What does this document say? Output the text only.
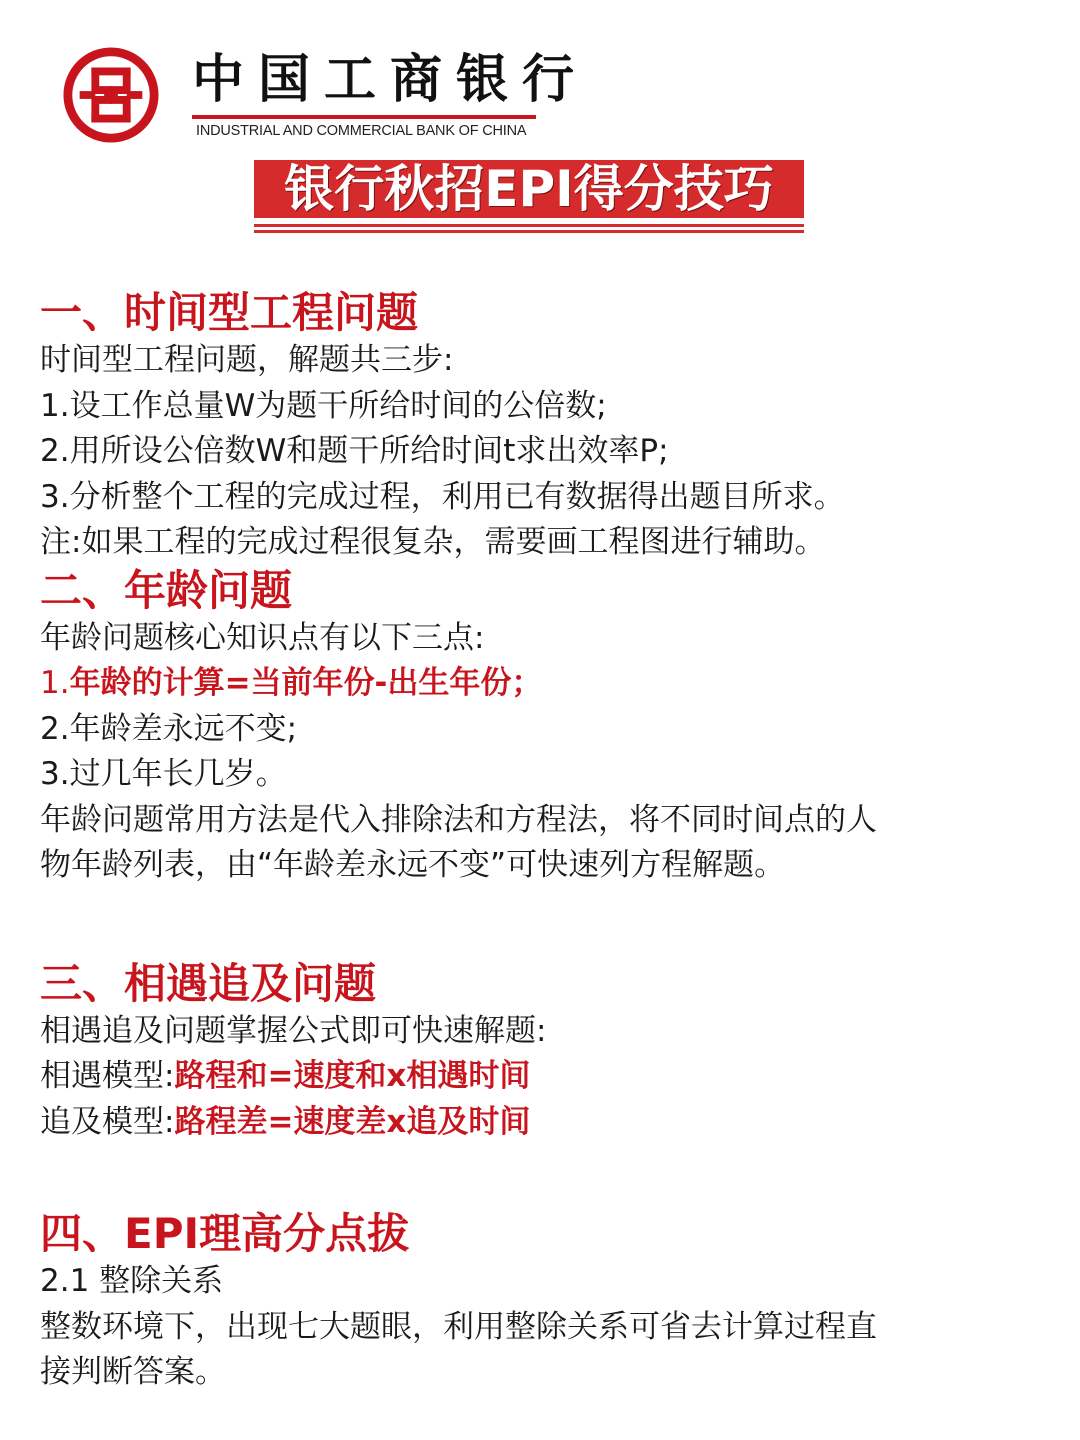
中国工商银行
INDUSTRIAL AND COMMERCIAL BANK OF CHINA
银行秋招EPI得分技巧
一、时间型工程问题
时间型工程问题，解题共三步:
1.设工作总量W为题干所给时间的公倍数;
2.用所设公倍数W和题干所给时间t求出效率P;
3.分析整个工程的完成过程，利用已有数据得出题目所求。
注:如果工程的完成过程很复杂，需要画工程图进行辅助。
二、年龄问题
年龄问题核心知识点有以下三点:
1.年龄的计算=当前年份-出生年份；
2.年龄差永远不变;
3.过几年长几岁。
年龄问题常用方法是代入排除法和方程法，将不同时间点的人
物年龄列表，由“年龄差永远不变”可快速列方程解题。
三、相遇追及问题
相遇追及问题掌握公式即可快速解题:
相遇模型:路程和=速度和x相遇时间
追及模型:路程差=速度差x追及时间
四、EPI理高分点拔
2.1 整除关系
整数环境下，出现七大题眼，利用整除关系可省去计算过程直
接判断答案。
